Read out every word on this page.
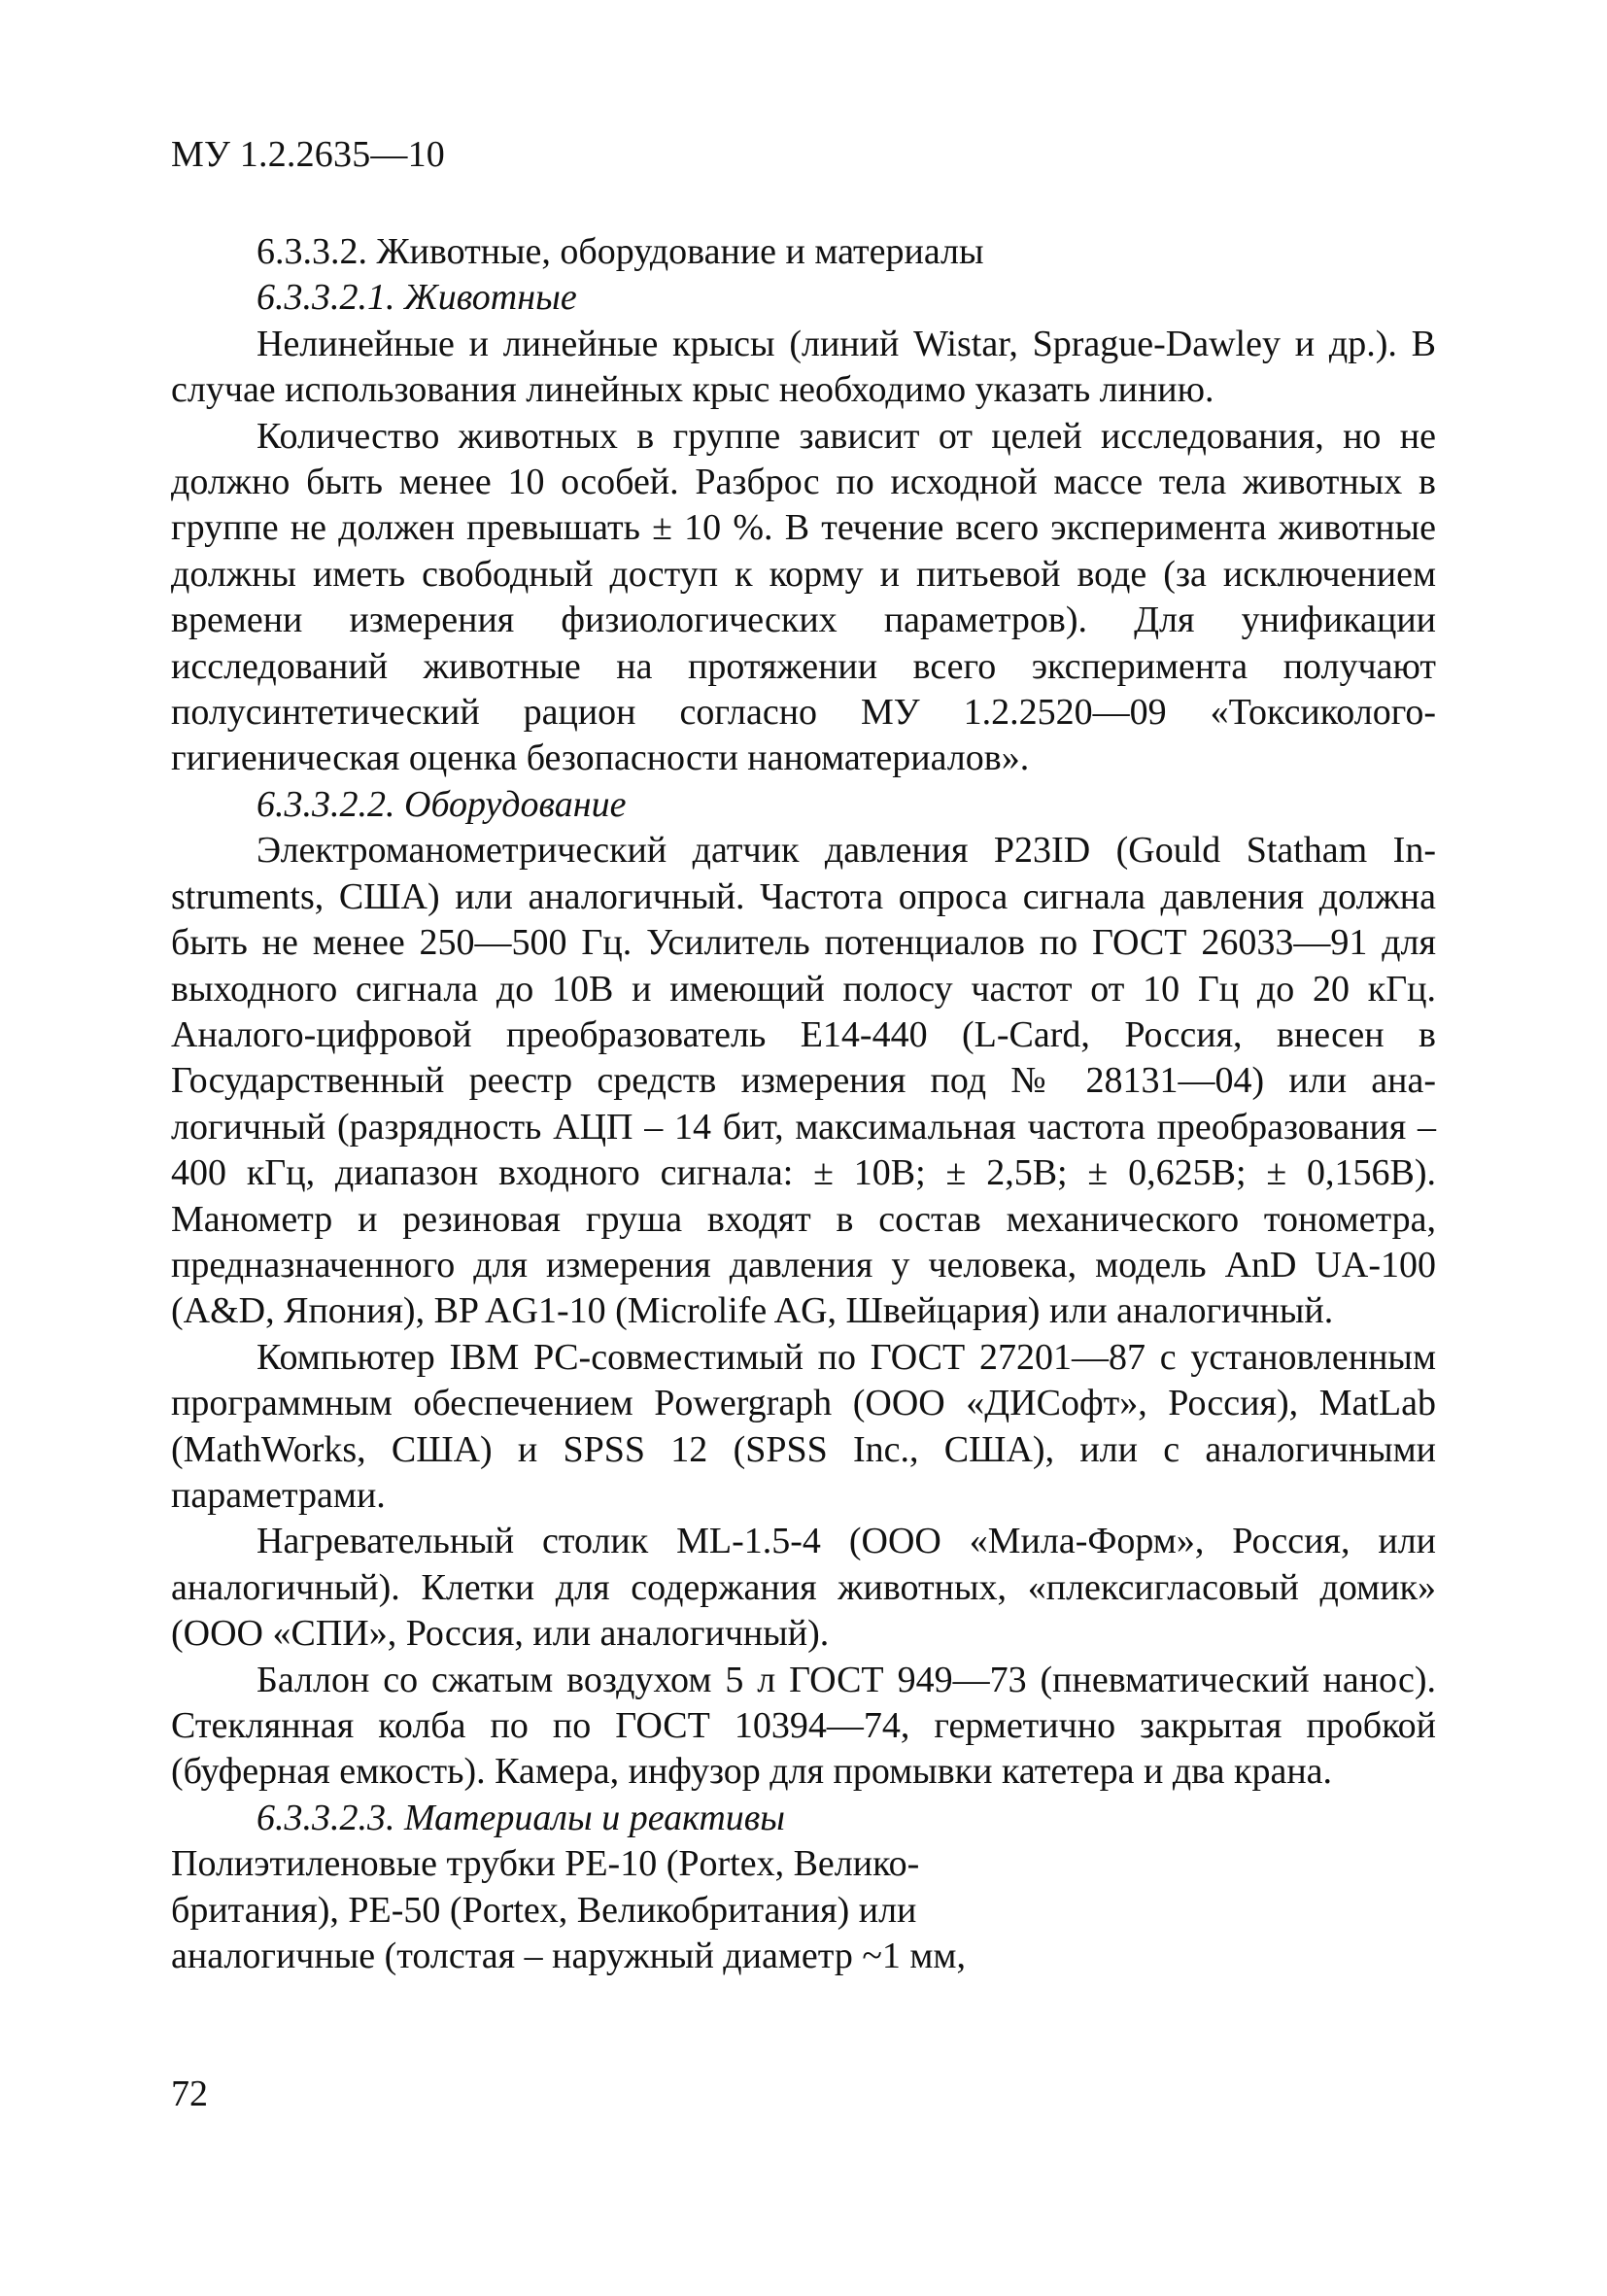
МУ 1.2.2635—10

6.3.3.2. Животные, оборудование и материалы

6.3.3.2.1. Животные

Нелинейные и линейные крысы (линий Wistar, Sprague-Dawley и др.). В случае использования линейных крыс необходимо указать линию.

Количество животных в группе зависит от целей исследования, но не должно быть менее 10 особей. Разброс по исходной массе тела животных в группе не должен превышать ± 10 %. В течение всего эксперимента животные должны иметь свободный доступ к корму и питьевой воде (за исключением времени измерения физиологических параметров). Для унификации исследований животные на протяжении всего эксперимента получают полусинтетический рацион согласно МУ 1.2.2520—09 «Токсиколого-гигиеническая оценка безопасности наноматериалов».

6.3.3.2.2. Оборудование

Электроманометрический датчик давления P23ID (Gould Statham Instruments, США) или аналогичный. Частота опроса сигнала давления должна быть не менее 250—500 Гц. Усилитель потенциалов по ГОСТ 26033—91 для выходного сигнала до 10В и имеющий полосу частот от 10 Гц до 20 кГц. Аналого-цифровой преобразователь E14-440 (L-Card, Россия, внесен в Государственный реестр средств измерения под № 28131—04) или аналогичный (разрядность АЦП – 14 бит, максимальная частота преобразования – 400 кГц, диапазон входного сигнала: ± 10В; ± 2,5В; ± 0,625В; ± 0,156В). Манометр и резиновая груша входят в состав механического тонометра, предназначенного для измерения давления у человека, модель AnD UA-100 (A&D, Япония), BP AG1-10 (Microlife AG, Швейцария) или аналогичный.

Компьютер IBM PC-совместимый по ГОСТ 27201—87 с установленным программным обеспечением Powergraph (ООО «ДИСофт», Россия), MatLab (MathWorks, США) и SPSS 12 (SPSS Inc., США), или с аналогичными параметрами.

Нагревательный столик ML-1.5-4 (ООО «Мила-Форм», Россия, или аналогичный). Клетки для содержания животных, «плексигласовый домик» (ООО «СПИ», Россия, или аналогичный).

Баллон со сжатым воздухом 5 л ГОСТ 949—73 (пневматический нанос). Стеклянная колба по по ГОСТ 10394—74, герметично закрытая пробкой (буферная емкость). Камера, инфузор для промывки катетера и два крана.

6.3.3.2.3. Материалы и реактивы

Полиэтиленовые трубки PE-10 (Portex, Великобритания), PE-50 (Portex, Великобритания) или аналогичные (толстая – наружный диаметр ~1 мм,

72
